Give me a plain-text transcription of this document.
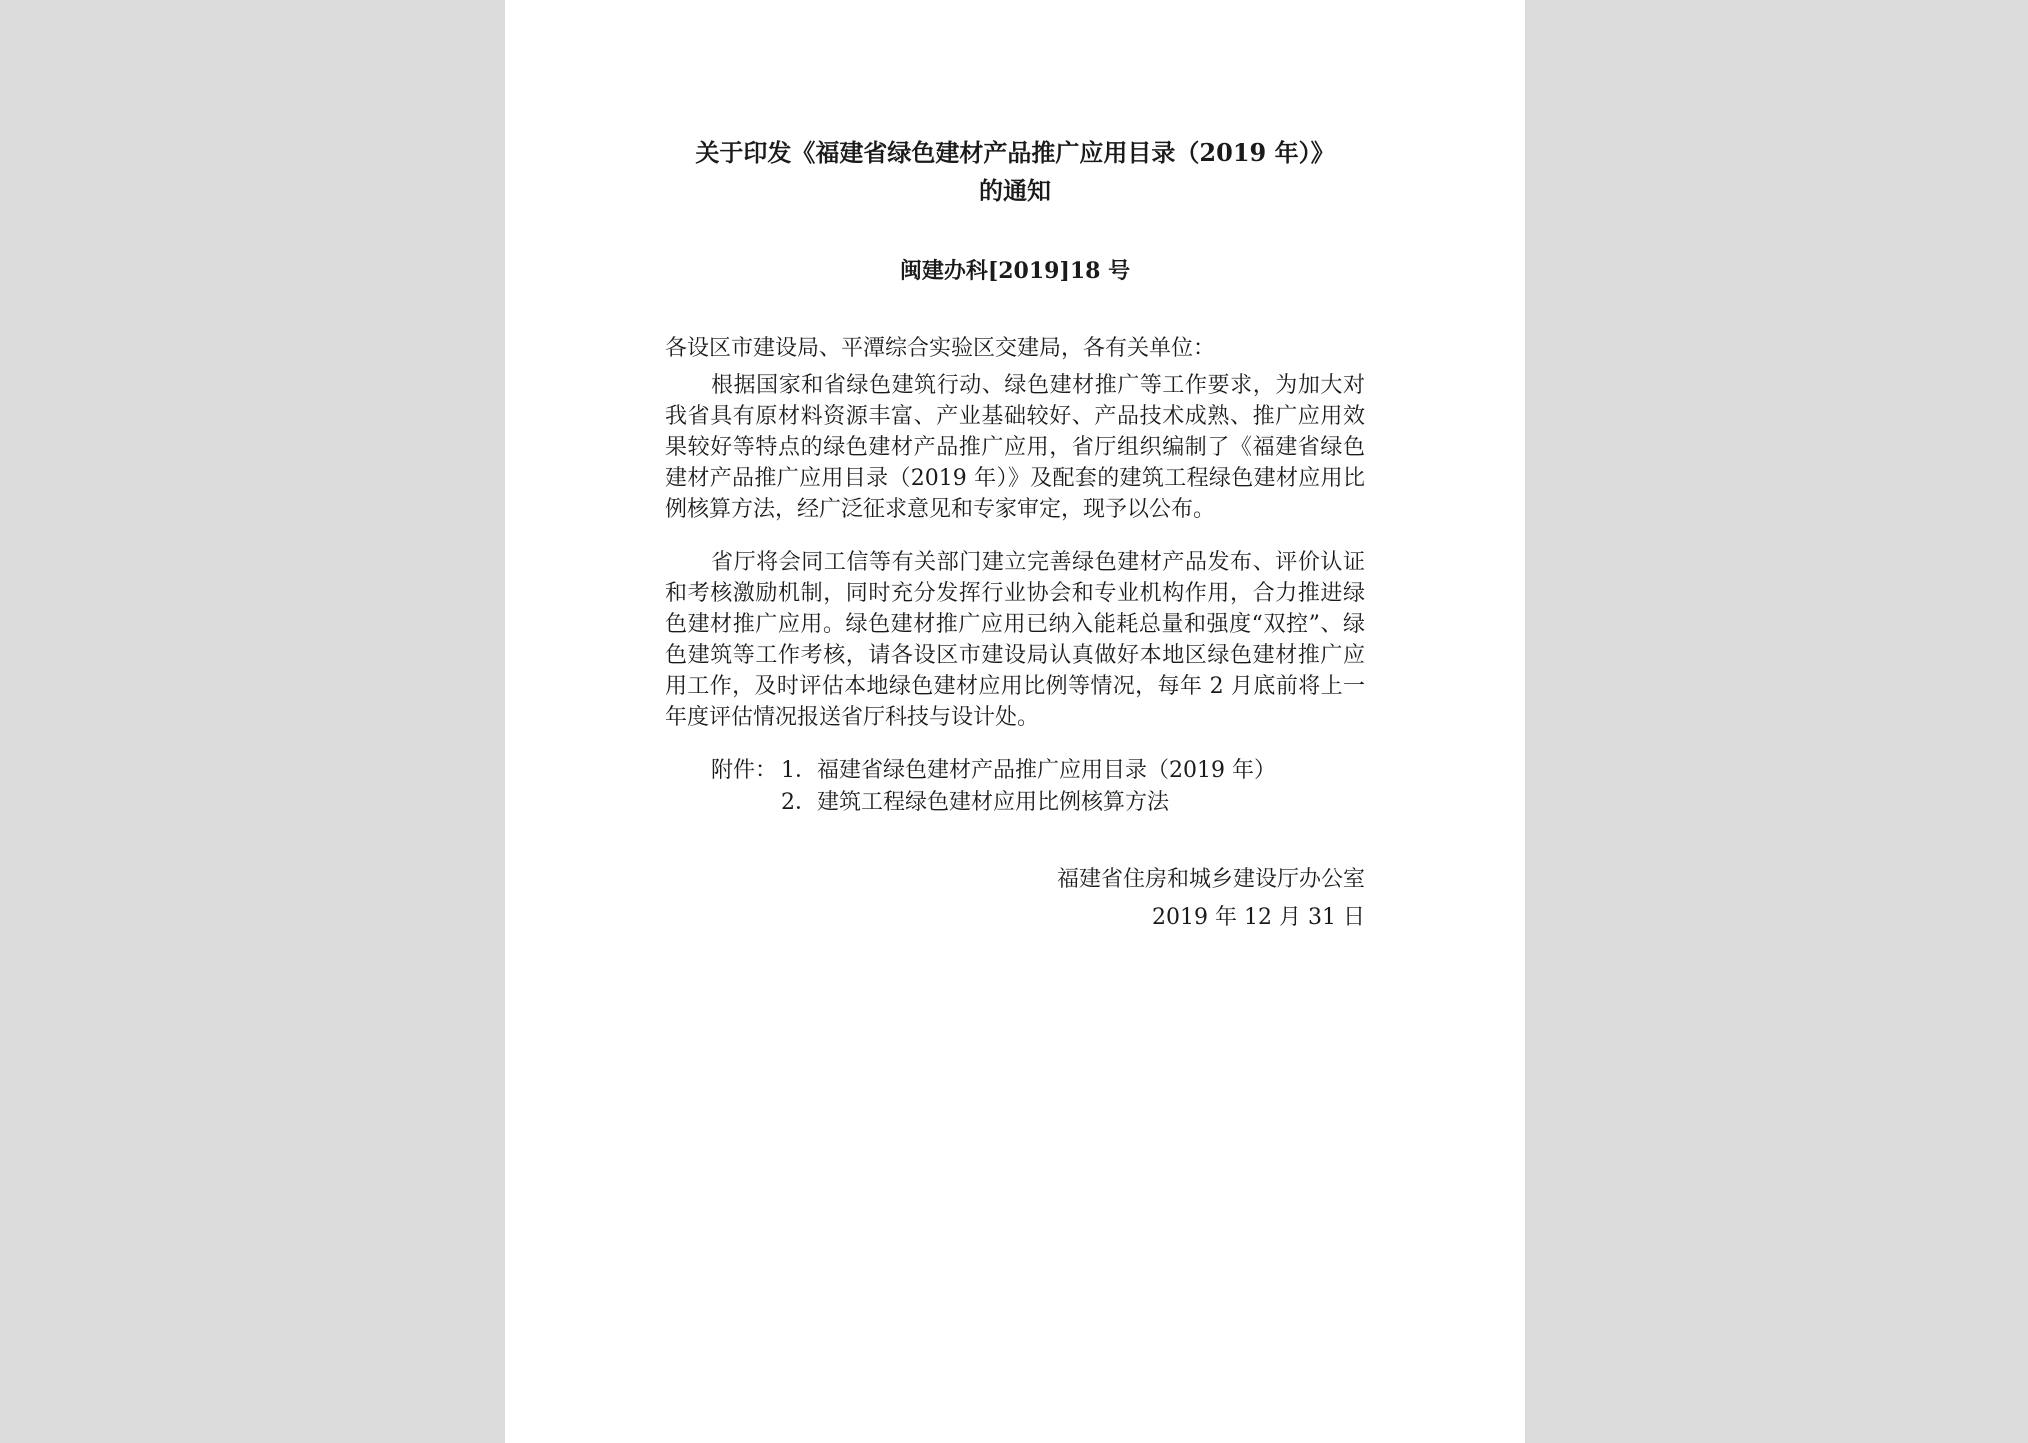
关于印发《福建省绿色建材产品推广应用目录（2019 年）》
的通知
闽建办科[2019]18 号
各设区市建设局、平潭综合实验区交建局，各有关单位：

根据国家和省绿色建筑行动、绿色建材推广等工作要求，为加大对我省具有原材料资源丰富、产业基础较好、产品技术成熟、推广应用效果较好等特点的绿色建材产品推广应用，省厅组织编制了《福建省绿色建材产品推广应用目录（2019 年）》及配套的建筑工程绿色建材应用比例核算方法，经广泛征求意见和专家审定，现予以公布。

省厅将会同工信等有关部门建立完善绿色建材产品发布、评价认证和考核激励机制，同时充分发挥行业协会和专业机构作用，合力推进绿色建材推广应用。绿色建材推广应用已纳入能耗总量和强度“双控”、绿色建筑等工作考核，请各设区市建设局认真做好本地区绿色建材推广应用工作，及时评估本地绿色建材应用比例等情况，每年 2 月底前将上一年度评估情况报送省厅科技与设计处。

附件： 1．福建省绿色建材产品推广应用目录（2019 年）
2．建筑工程绿色建材应用比例核算方法
福建省住房和城乡建设厅办公室
2019 年 12 月 31 日
